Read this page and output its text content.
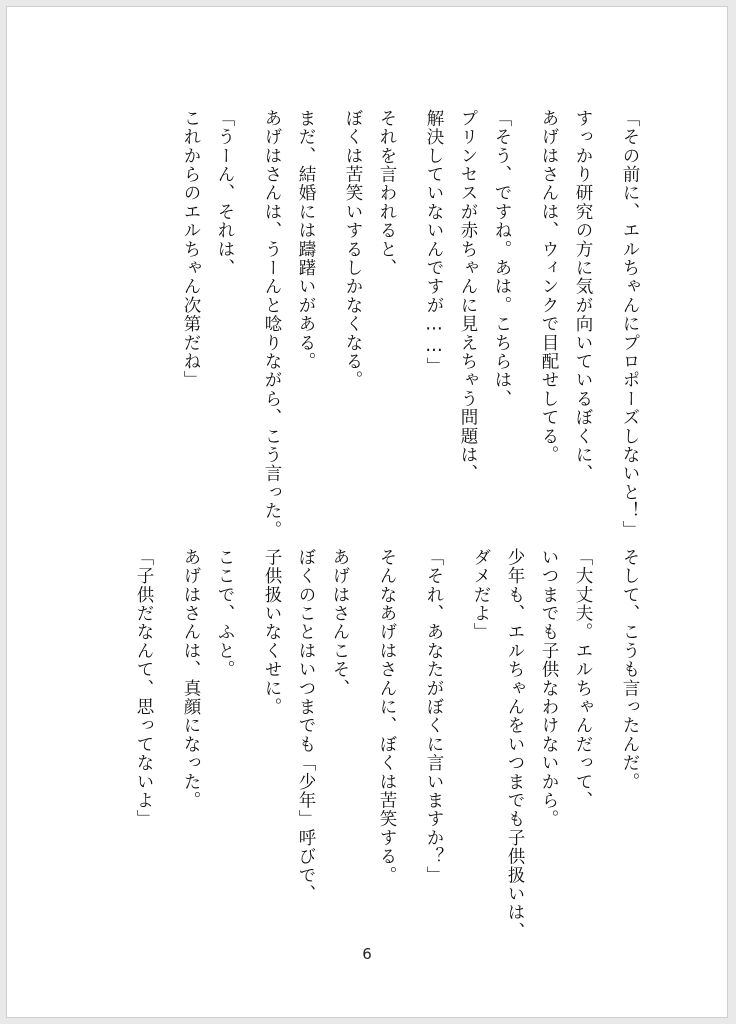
「その前に、エルちゃんにプロポーズしないと！」
すっかり研究の方に気が向いているぼくに、
あげはさんは、ウィンクで目配せしてる。
「そう、ですね。あは。こちらは、
プリンセスが赤ちゃんに見えちゃう問題は、
解決していないんですが……」
それを言われると、
ぼくは苦笑いするしかなくなる。
まだ、結婚には躊躇いがある。
あげはさんは、うーんと唸りながら、こう言った。
「うーん、それは、
これからのエルちゃん次第だね」
そして、こうも言ったんだ。
「大丈夫。エルちゃんだって、
いつまでも子供なわけないから。
少年も、エルちゃんをいつまでも子供扱いは、
ダメだよ」
「それ、あなたがぼくに言いますか？」
そんなあげはさんに、ぼくは苦笑する。
あげはさんこそ、
ぼくのことはいつまでも「少年」呼びで、
子供扱いなくせに。
ここで、ふと。
あげはさんは、真顔になった。
「子供だなんて、思ってないよ」
6
